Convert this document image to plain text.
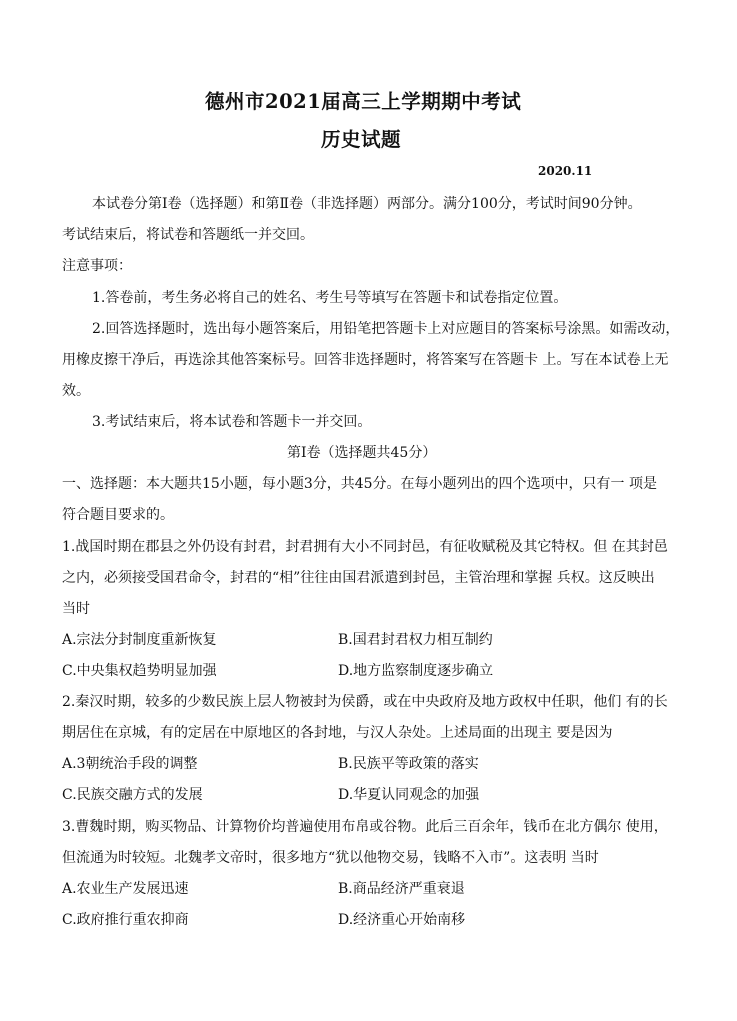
德州市2021届高三上学期期中考试
历史试题
2020.11
本试卷分第Ⅰ卷（选择题）和第Ⅱ卷（非选择题）两部分。满分100分，考试时间90分钟。
考试结束后，将试卷和答题纸一并交回。
注意事项：
1.答卷前，考生务必将自己的姓名、考生号等填写在答题卡和试卷指定位置。
2.回答选择题时，选出每小题答案后，用铅笔把答题卡上对应题目的答案标号涂黑。如需改动，
用橡皮擦干净后，再选涂其他答案标号。回答非选择题时，将答案写在答题卡 上。写在本试卷上无
效。
3.考试结束后，将本试卷和答题卡一并交回。
第Ⅰ卷（选择题共45分）
一、选择题：本大题共15小题，每小题3分，共45分。在每小题列出的四个选项中，只有一 项是
符合题目要求的。
1.战国时期在郡县之外仍设有封君，封君拥有大小不同封邑，有征收赋税及其它特权。但 在其封邑
之内，必须接受国君命令，封君的“相”往往由国君派遣到封邑，主管治理和掌握 兵权。这反映出
当时
A.宗法分封制度重新恢复	B.国君封君权力相互制约
C.中央集权趋势明显加强	D.地方监察制度逐步确立
2.秦汉时期，较多的少数民族上层人物被封为侯爵，或在中央政府及地方政权中任职，他们 有的长
期居住在京城，有的定居在中原地区的各封地，与汉人杂处。上述局面的出现主 要是因为
A.3朝统治手段的调整	B.民族平等政策的落实
C.民族交融方式的发展	D.华夏认同观念的加强
3.曹魏时期，购买物品、计算物价均普遍使用布帛或谷物。此后三百余年，钱币在北方偶尔 使用，
但流通为时较短。北魏孝文帝时，很多地方“犹以他物交易，钱略不入市”。这表明 当时
A.农业生产发展迅速	B.商品经济严重衰退
C.政府推行重农抑商	D.经济重心开始南移
